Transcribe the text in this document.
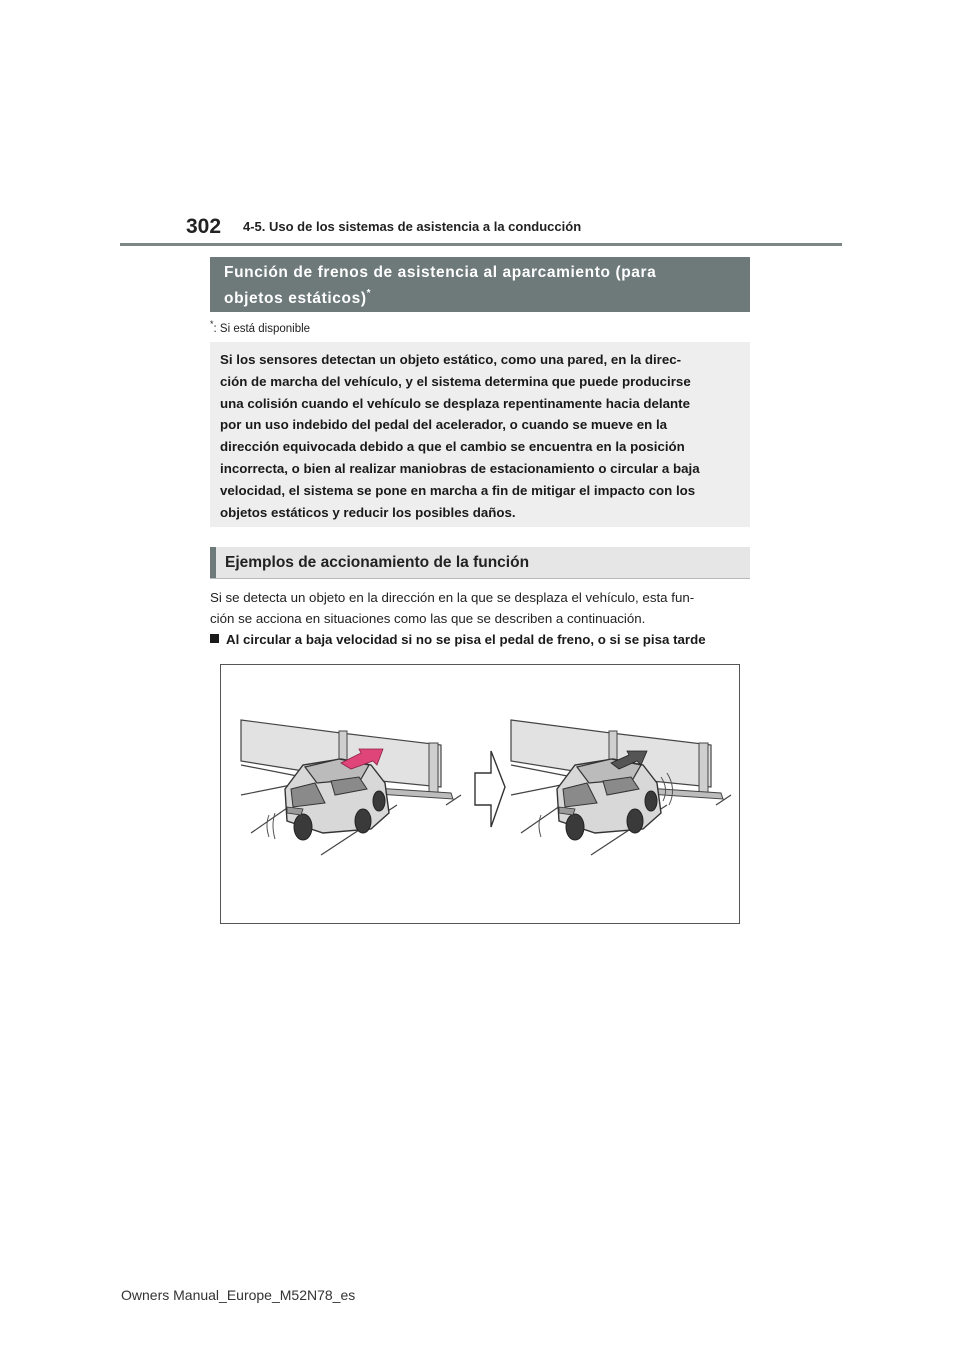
302 4-5. Uso de los sistemas de asistencia a la conducción
Función de frenos de asistencia al aparcamiento (para
objetos estáticos)*
*: Si está disponible
Si los sensores detectan un objeto estático, como una pared, en la direc-
ción de marcha del vehículo, y el sistema determina que puede producirse
una colisión cuando el vehículo se desplaza repentinamente hacia delante
por un uso indebido del pedal del acelerador, o cuando se mueve en la
dirección equivocada debido a que el cambio se encuentra en la posición
incorrecta, o bien al realizar maniobras de estacionamiento o circular a baja
velocidad, el sistema se pone en marcha a fin de mitigar el impacto con los
objetos estáticos y reducir los posibles daños.
Ejemplos de accionamiento de la función
Si se detecta un objeto en la dirección en la que se desplaza el vehículo, esta fun-
ción se acciona en situaciones como las que se describen a continuación.
Al circular a baja velocidad si no se pisa el pedal de freno, o si se pisa tarde
Owners Manual_Europe_M52N78_es
